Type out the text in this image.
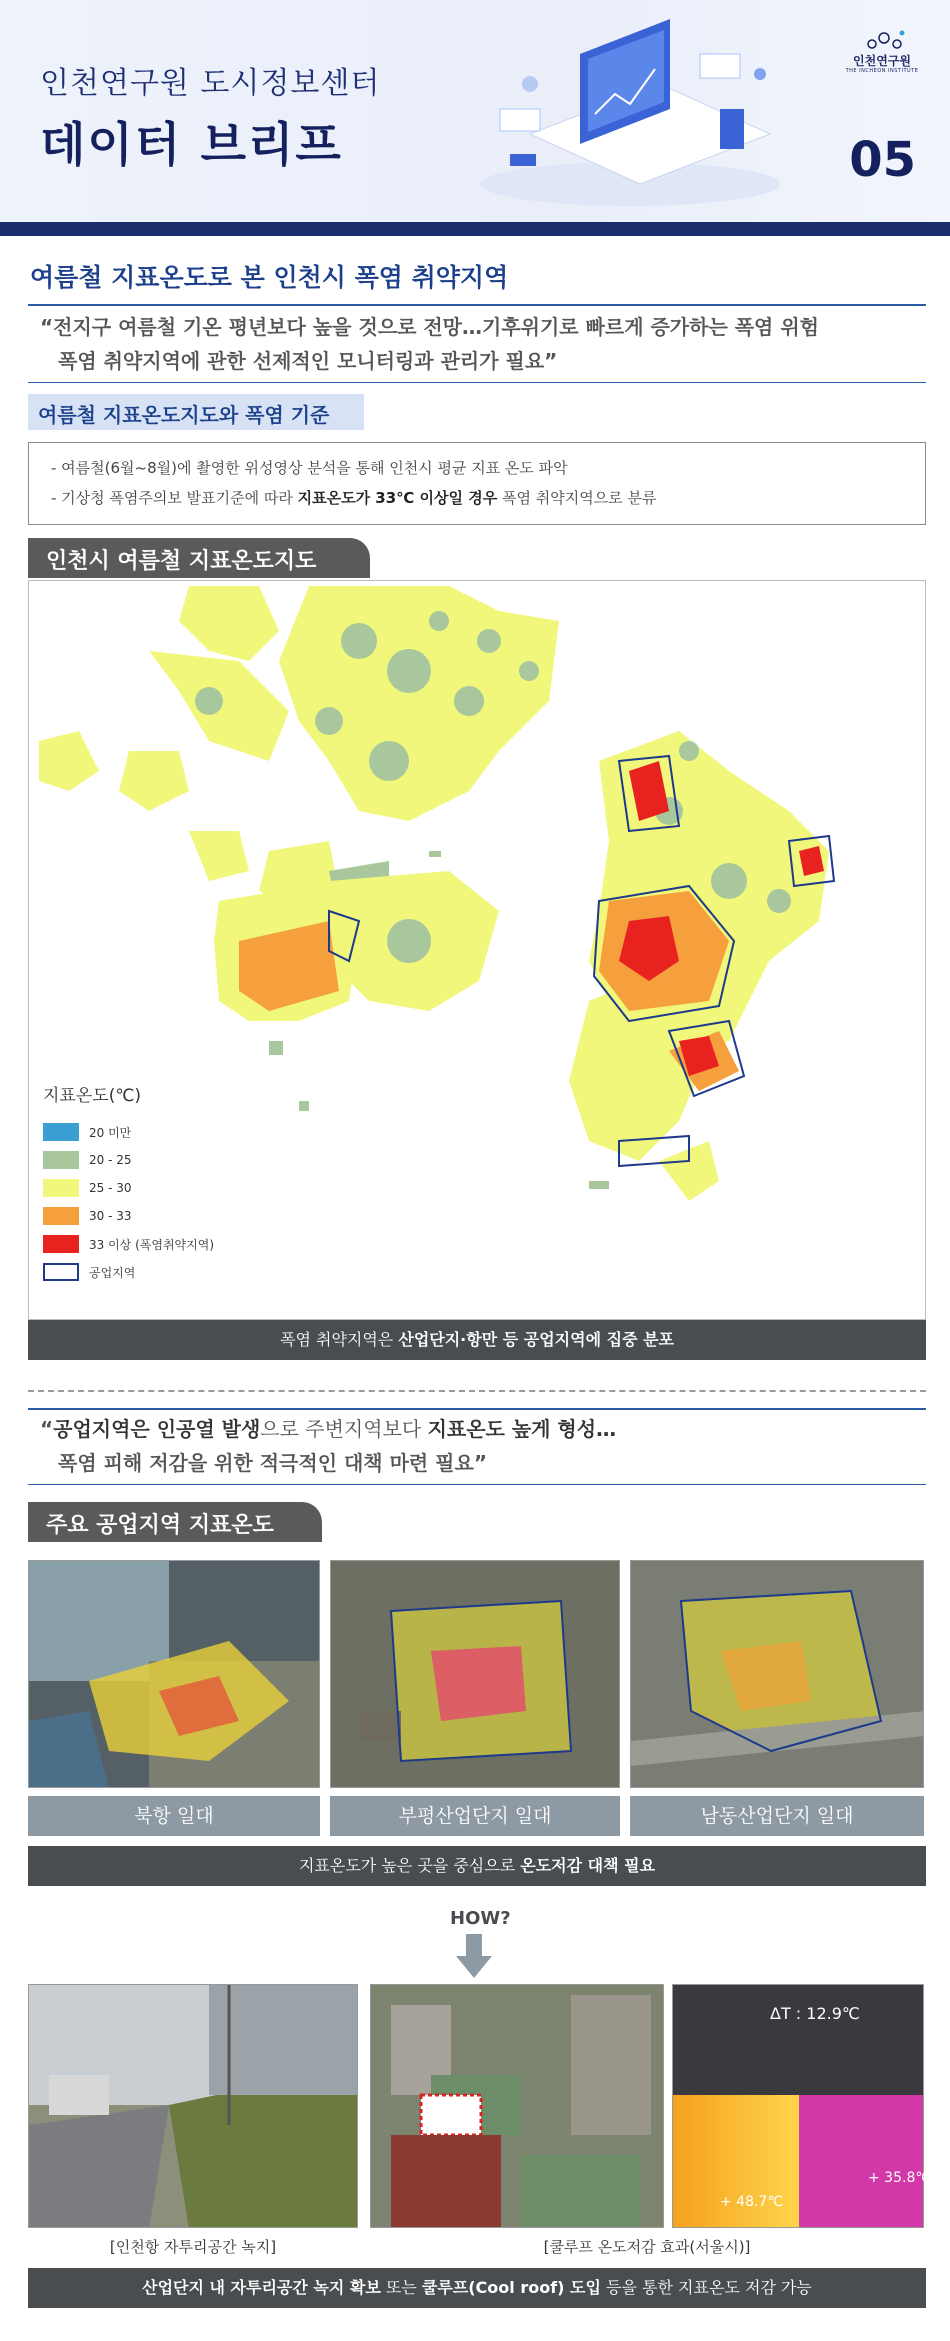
인천연구원 도시정보센터
데이터 브리프
인천연구원
THE INCHEON INSTITUTE
05
여름철 지표온도로 본 인천시 폭염 취약지역
“전지구 여름철 기온 평년보다 높을 것으로 전망…기후위기로 빠르게 증가하는 폭염 위험
폭염 취약지역에 관한 선제적인 모니터링과 관리가 필요”
여름철 지표온도지도와 폭염 기준
- 여름철(6월~8월)에 촬영한 위성영상 분석을 통해 인천시 평균 지표 온도 파악
- 기상청 폭염주의보 발표기준에 따라 지표온도가 33℃ 이상일 경우 폭염 취약지역으로 분류
인천시 여름철 지표온도지도
지표온도(℃)
20 미만
20 - 25
25 - 30
30 - 33
33 이상 (폭염취약지역)
공업지역
폭염 취약지역은 산업단지·항만 등 공업지역에 집중 분포
“공업지역은 인공열 발생으로 주변지역보다 지표온도 높게 형성…
폭염 피해 저감을 위한 적극적인 대책 마련 필요”
주요 공업지역 지표온도
북항 일대	부평산업단지 일대	남동산업단지 일대
지표온도가 높은 곳을 중심으로 온도저감 대책 필요
HOW?
ΔT : 12.9℃
+ 48.7℃
+ 35.8℃
[인천항 자투리공간 녹지]	[쿨루프 온도저감 효과(서울시)]
산업단지 내 자투리공간 녹지 확보 또는 쿨루프(Cool roof) 도입 등을 통한 지표온도 저감 가능
